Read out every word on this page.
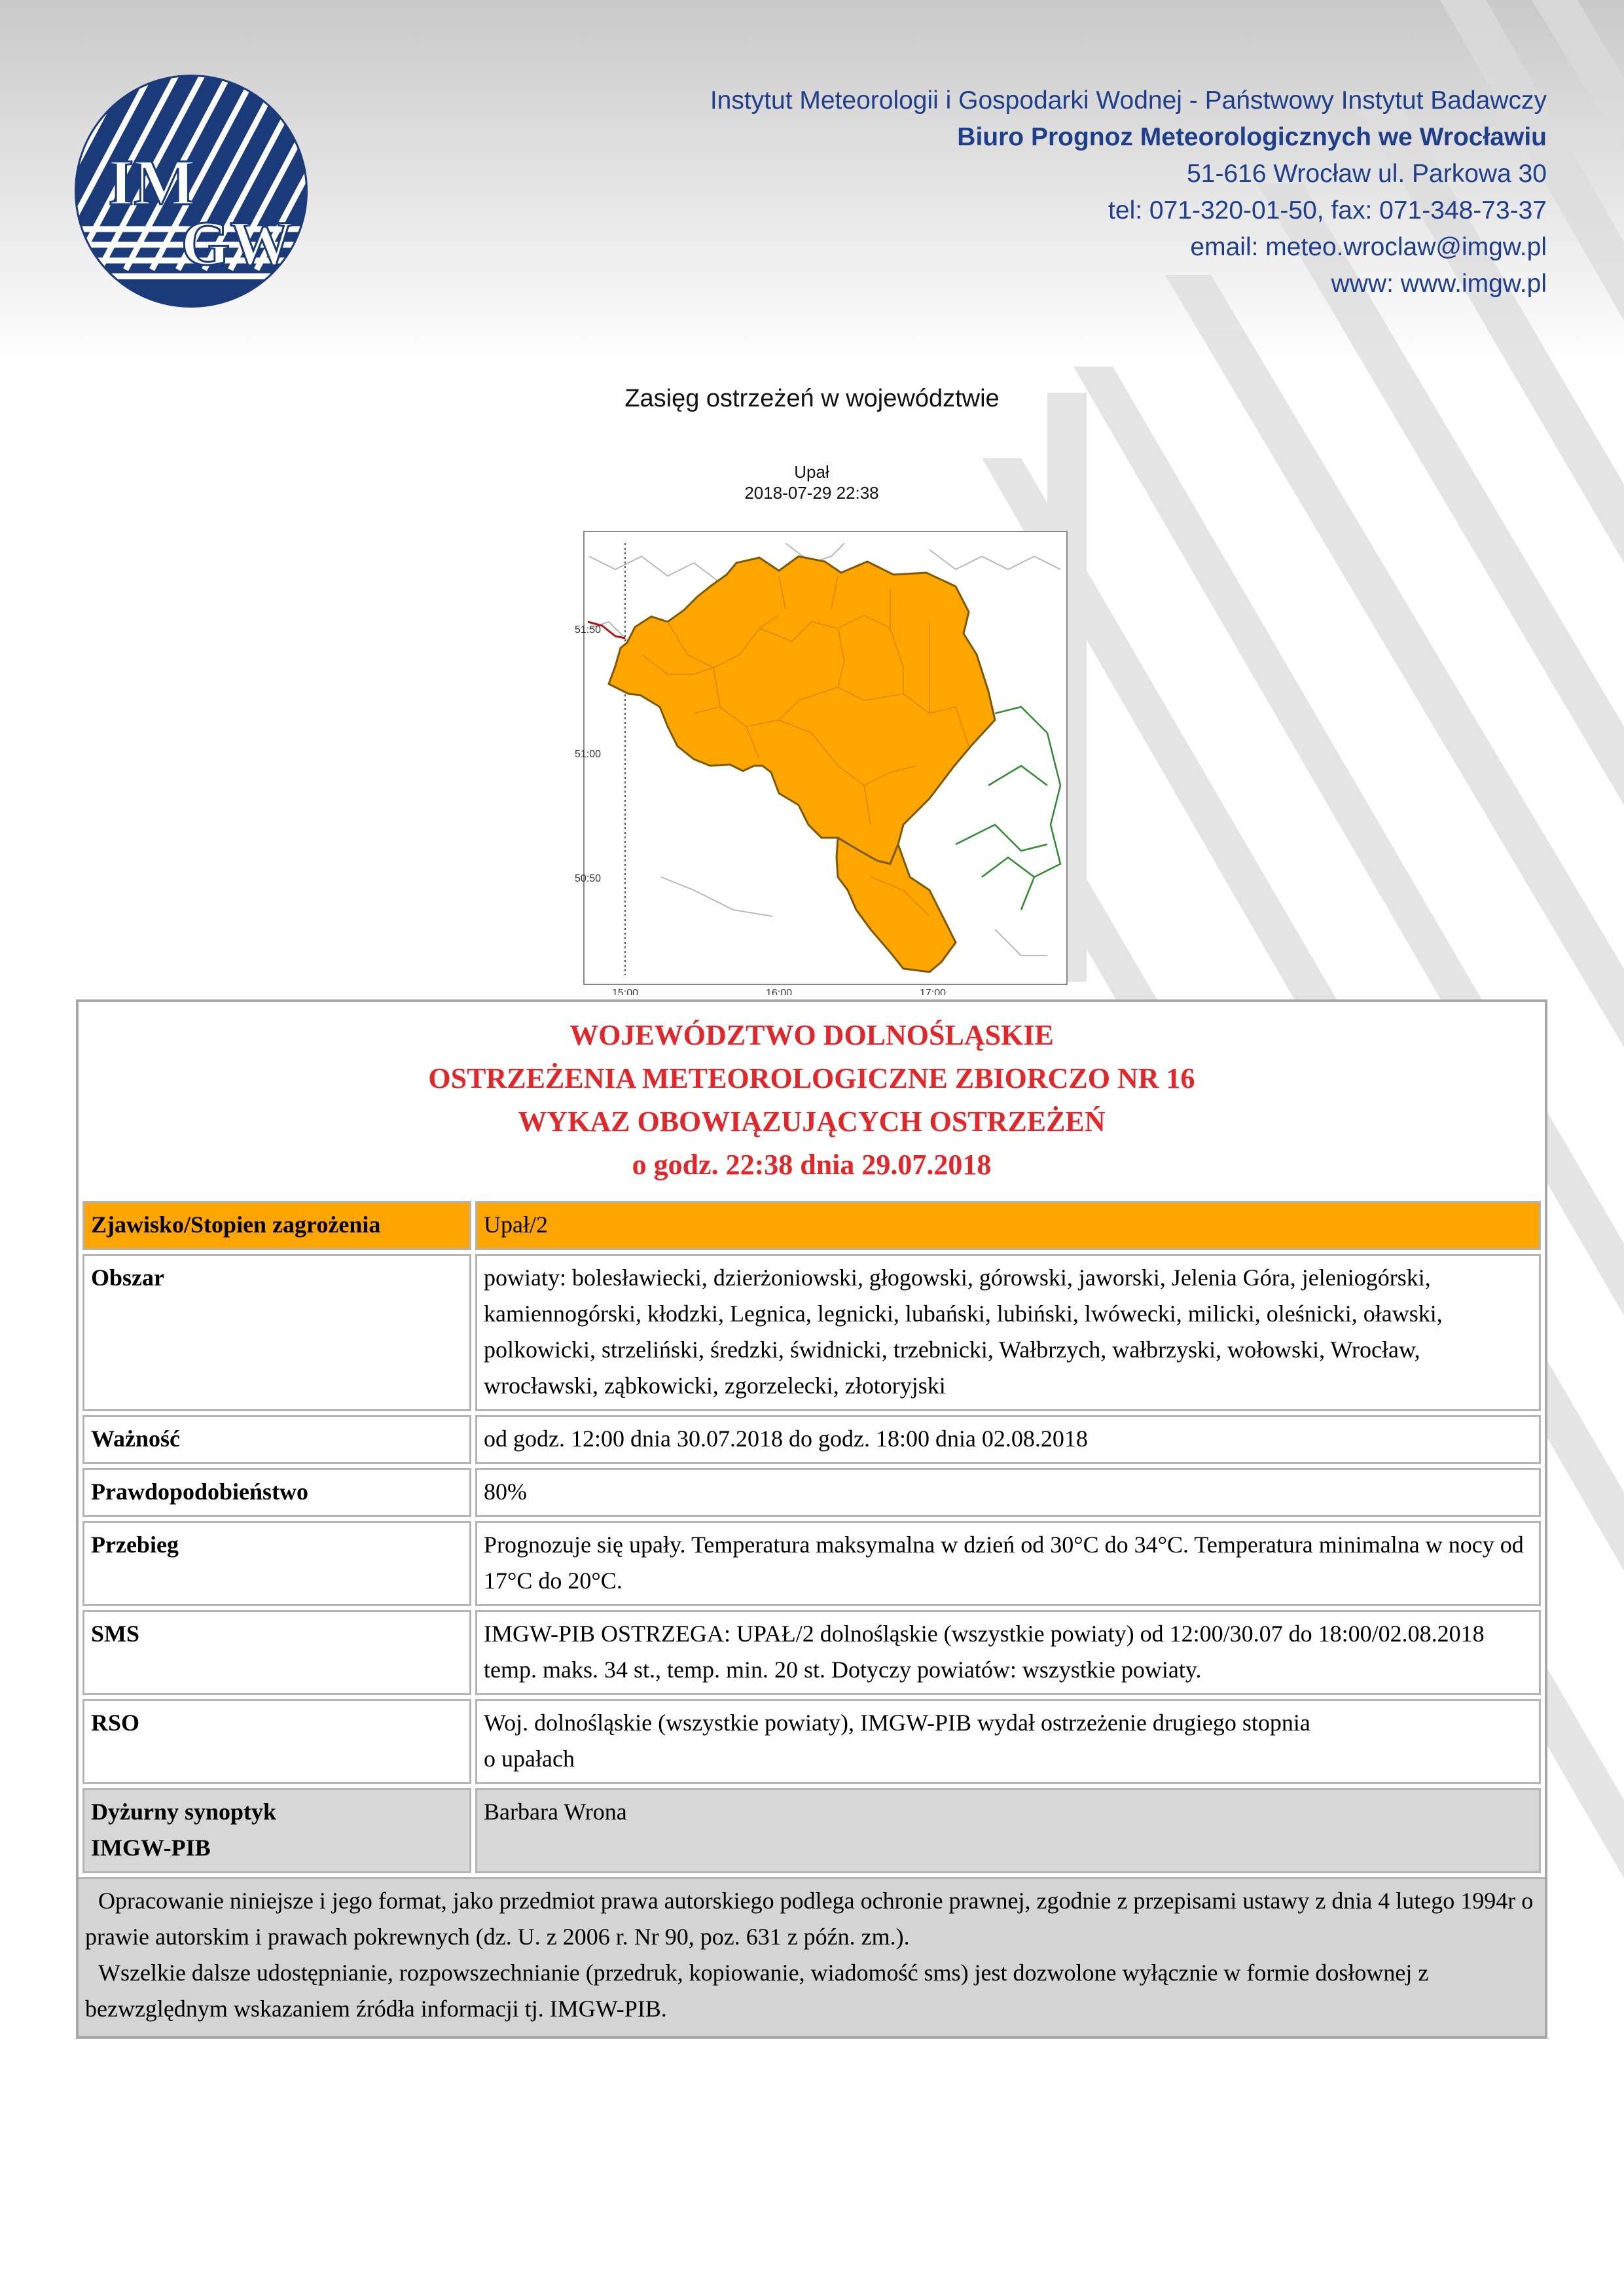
IM
GW
Instytut Meteorologii i Gospodarki Wodnej - Państwowy Instytut Badawczy
Biuro Prognoz Meteorologicznych we Wrocławiu
51-616 Wrocław ul. Parkowa 30
tel: 071-320-01-50, fax: 071-348-73-37
email: meteo.wroclaw@imgw.pl
www: www.imgw.pl
Zasięg ostrzeżeń w województwie
Upał
2018-07-29 22:38
51:50
51:00
50:50
15:00	16:00	17:00
WOJEWÓDZTWO DOLNOŚLĄSKIE
OSTRZEŻENIA METEOROLOGICZNE ZBIORCZO NR 16
WYKAZ OBOWIĄZUJĄCYCH OSTRZEŻEŃ
o godz. 22:38 dnia 29.07.2018
Zjawisko/Stopien zagrożenia	Upał/2
Obszar	powiaty: bolesławiecki, dzierżoniowski, głogowski, górowski, jaworski, Jelenia Góra, jeleniogórski, kamiennogórski, kłodzki, Legnica, legnicki, lubański, lubiński, lwówecki, milicki, oleśnicki, oławski, polkowicki, strzeliński, średzki, świdnicki, trzebnicki, Wałbrzych, wałbrzyski, wołowski, Wrocław, wrocławski, ząbkowicki, zgorzelecki, złotoryjski
Ważność	od godz. 12:00 dnia 30.07.2018 do godz. 18:00 dnia 02.08.2018
Prawdopodobieństwo	80%
Przebieg	Prognozuje się upały. Temperatura maksymalna w dzień od 30°C do 34°C. Temperatura minimalna w nocy od 17°C do 20°C.
SMS	IMGW-PIB OSTRZEGA: UPAŁ/2 dolnośląskie (wszystkie powiaty) od 12:00/30.07 do 18:00/02.08.2018 temp. maks. 34 st., temp. min. 20 st. Dotyczy powiatów: wszystkie powiaty.
RSO	Woj. dolnośląskie (wszystkie powiaty), IMGW-PIB wydał ostrzeżenie drugiego stopnia
o upałach

Dyżurny synoptyk
IMGW-PIB	Barbara Wrona

Opracowanie niniejsze i jego format, jako przedmiot prawa autorskiego podlega ochronie prawnej, zgodnie z przepisami ustawy z dnia 4 lutego 1994r o prawie autorskim i prawach pokrewnych (dz. U. z 2006 r. Nr 90, poz. 631 z późn. zm.).

Wszelkie dalsze udostępnianie, rozpowszechnianie (przedruk, kopiowanie, wiadomość sms) jest dozwolone wyłącznie w formie dosłownej z bezwzględnym wskazaniem źródła informacji tj. IMGW-PIB.
